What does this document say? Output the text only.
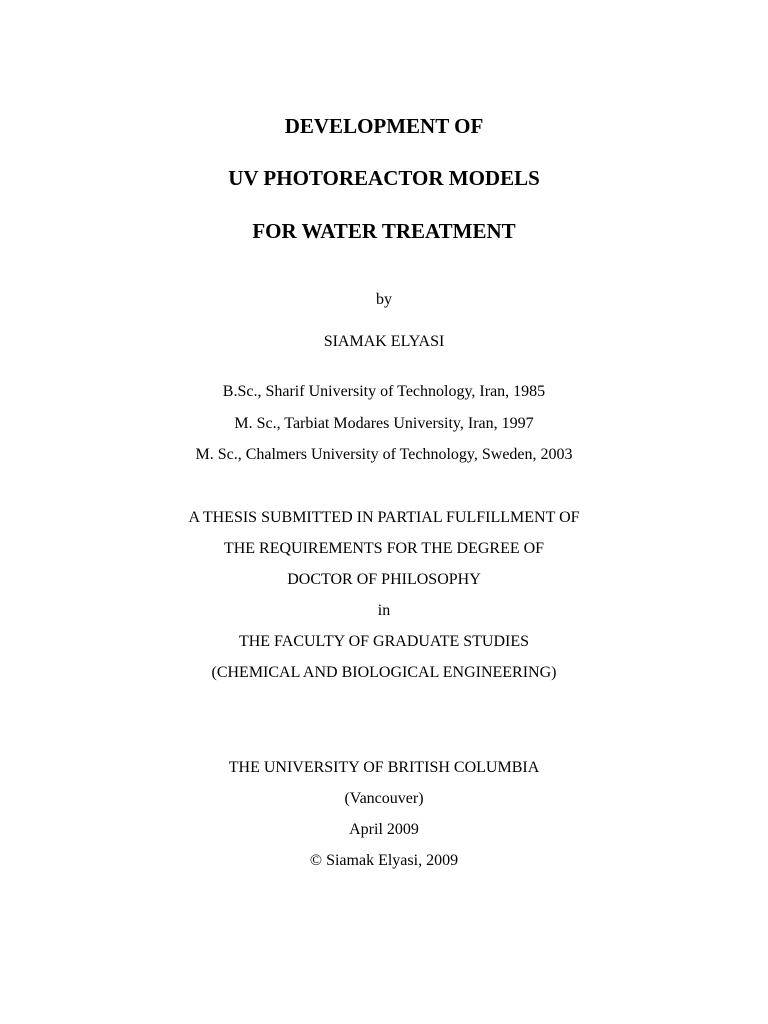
DEVELOPMENT OF
UV PHOTOREACTOR MODELS
FOR WATER TREATMENT
by
SIAMAK ELYASI
B.Sc., Sharif University of Technology, Iran, 1985
M. Sc., Tarbiat Modares University, Iran, 1997
M. Sc., Chalmers University of Technology, Sweden, 2003
A THESIS SUBMITTED IN PARTIAL FULFILLMENT OF
THE REQUIREMENTS FOR THE DEGREE OF
DOCTOR OF PHILOSOPHY
in
THE FACULTY OF GRADUATE STUDIES
(CHEMICAL AND BIOLOGICAL ENGINEERING)
THE UNIVERSITY OF BRITISH COLUMBIA
(Vancouver)
April 2009
© Siamak Elyasi, 2009
